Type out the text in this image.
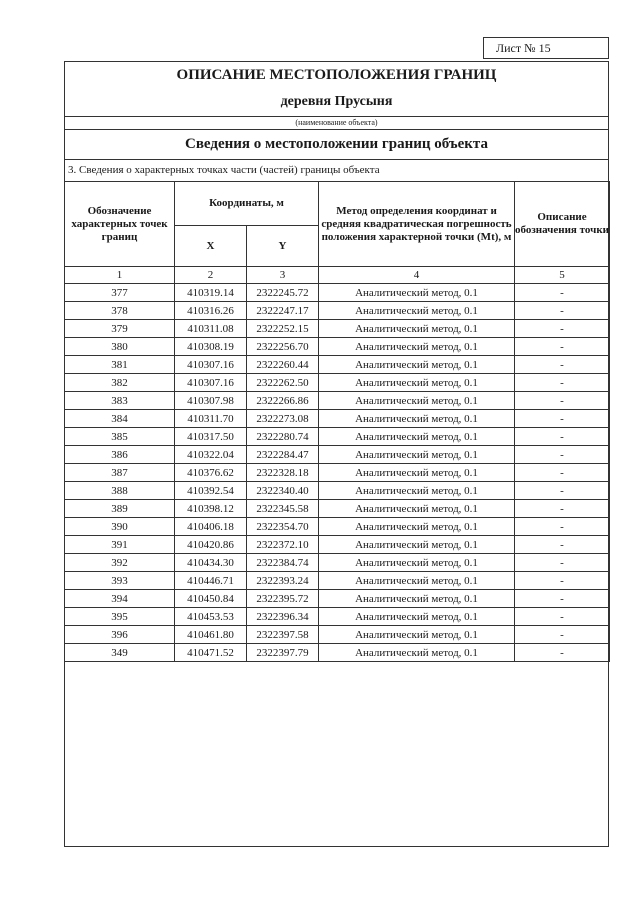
Лист № 15
ОПИСАНИЕ МЕСТОПОЛОЖЕНИЯ ГРАНИЦ
деревня Прусыня
(наименование объекта)
Сведения о местоположении границ объекта
3. Сведения о характерных точках части (частей) границы объекта
Обозначение характерных точек границ	Координаты, м		Метод определения координат и средняя квадратическая погрешность положения характерной точки (Mt), м	Описание обозначения точки
	X	Y		
1	2	3	4	5
377	410319.14	2322245.72	Аналитический метод, 0.1	-
378	410316.26	2322247.17	Аналитический метод, 0.1	-
379	410311.08	2322252.15	Аналитический метод, 0.1	-
380	410308.19	2322256.70	Аналитический метод, 0.1	-
381	410307.16	2322260.44	Аналитический метод, 0.1	-
382	410307.16	2322262.50	Аналитический метод, 0.1	-
383	410307.98	2322266.86	Аналитический метод, 0.1	-
384	410311.70	2322273.08	Аналитический метод, 0.1	-
385	410317.50	2322280.74	Аналитический метод, 0.1	-
386	410322.04	2322284.47	Аналитический метод, 0.1	-
387	410376.62	2322328.18	Аналитический метод, 0.1	-
388	410392.54	2322340.40	Аналитический метод, 0.1	-
389	410398.12	2322345.58	Аналитический метод, 0.1	-
390	410406.18	2322354.70	Аналитический метод, 0.1	-
391	410420.86	2322372.10	Аналитический метод, 0.1	-
392	410434.30	2322384.74	Аналитический метод, 0.1	-
393	410446.71	2322393.24	Аналитический метод, 0.1	-
394	410450.84	2322395.72	Аналитический метод, 0.1	-
395	410453.53	2322396.34	Аналитический метод, 0.1	-
396	410461.80	2322397.58	Аналитический метод, 0.1	-
349	410471.52	2322397.79	Аналитический метод, 0.1	-
